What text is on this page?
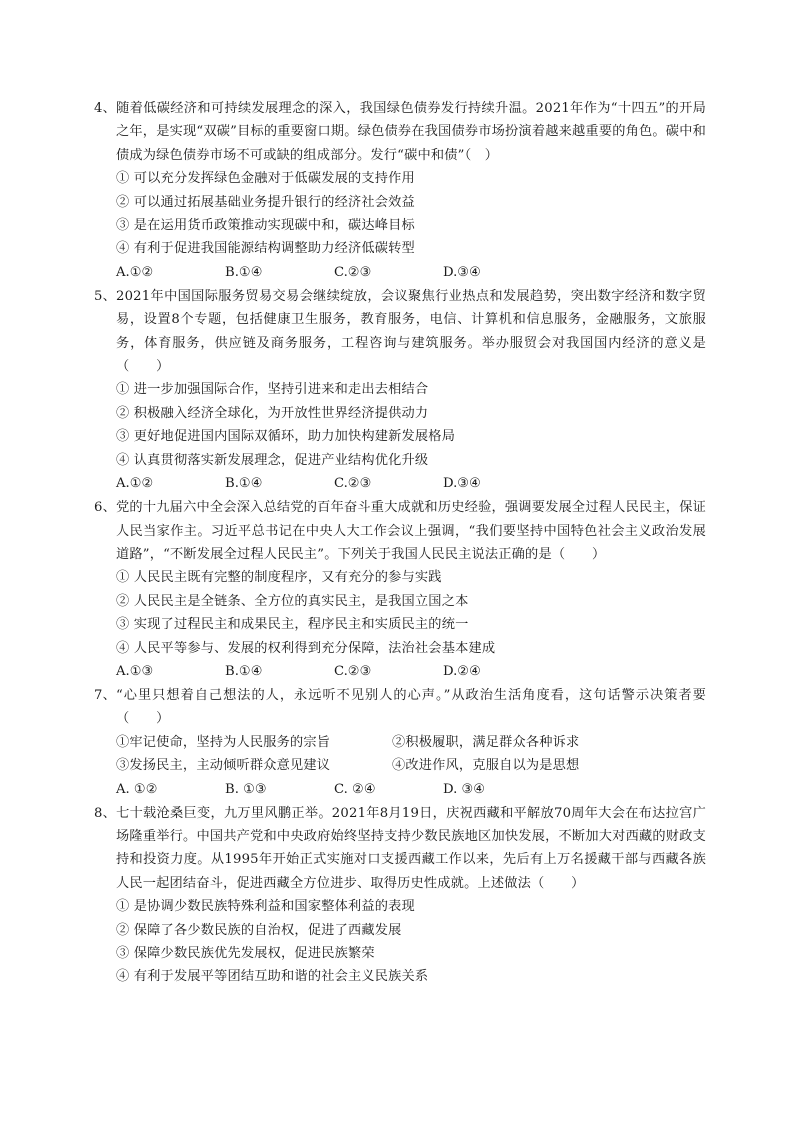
4、随着低碳经济和可持续发展理念的深入，我国绿色债券发行持续升温。2021年作为“十四五”的开局之年，是实现“双碳”目标的重要窗口期。绿色债券在我国债券市场扮演着越来越重要的角色。碳中和债成为绿色债券市场不可或缺的组成部分。发行“碳中和债”（　）

① 可以充分发挥绿色金融对于低碳发展的支持作用
② 可以通过拓展基础业务提升银行的经济社会效益
③ 是在运用货币政策推动实现碳中和，碳达峰目标
④ 有利于促进我国能源结构调整助力经济低碳转型
A.①②	B.①④	C.②③	D.③④

5、2021年中国国际服务贸易交易会继续绽放，会议聚焦行业热点和发展趋势，突出数字经济和数字贸易，设置8个专题，包括健康卫生服务，教育服务，电信、计算机和信息服务，金融服务，文旅服务，体育服务，供应链及商务服务，工程咨询与建筑服务。举办服贸会对我国国内经济的意义是（　　）

① 进一步加强国际合作，坚持引进来和走出去相结合
② 积极融入经济全球化，为开放性世界经济提供动力
③ 更好地促进国内国际双循环，助力加快构建新发展格局
④ 认真贯彻落实新发展理念，促进产业结构优化升级
A.①②	B.①④	C.②③	D.③④

6、党的十九届六中全会深入总结党的百年奋斗重大成就和历史经验，强调要发展全过程人民民主，保证人民当家作主。习近平总书记在中央人大工作会议上强调，“我们要坚持中国特色社会主义政治发展道路”，“不断发展全过程人民民主”。下列关于我国人民民主说法正确的是（　　）

① 人民民主既有完整的制度程序，又有充分的参与实践
② 人民民主是全链条、全方位的真实民主，是我国立国之本
③ 实现了过程民主和成果民主，程序民主和实质民主的统一
④ 人民平等参与、发展的权利得到充分保障，法治社会基本建成
A.①③	B.①④	C.②③	D.②④

7、“心里只想着自己想法的人，永远听不见别人的心声。”从政治生活角度看，这句话警示决策者要（　　）

①牢记使命，坚持为人民服务的宗旨	②积极履职，满足群众各种诉求
③发扬民主，主动倾听群众意见建议	④改进作风，克服自以为是思想
A. ①②	B. ①③	C. ②④	D. ③④

8、七十载沧桑巨变，九万里风鹏正举。2021年8月19日，庆祝西藏和平解放70周年大会在布达拉宫广场隆重举行。中国共产党和中央政府始终坚持支持少数民族地区加快发展，不断加大对西藏的财政支持和投资力度。从1995年开始正式实施对口支援西藏工作以来，先后有上万名援藏干部与西藏各族人民一起团结奋斗，促进西藏全方位进步、取得历史性成就。上述做法（　　）

① 是协调少数民族特殊利益和国家整体利益的表现
② 保障了各少数民族的自治权，促进了西藏发展
③ 保障少数民族优先发展权，促进民族繁荣
④ 有利于发展平等团结互助和谐的社会主义民族关系
